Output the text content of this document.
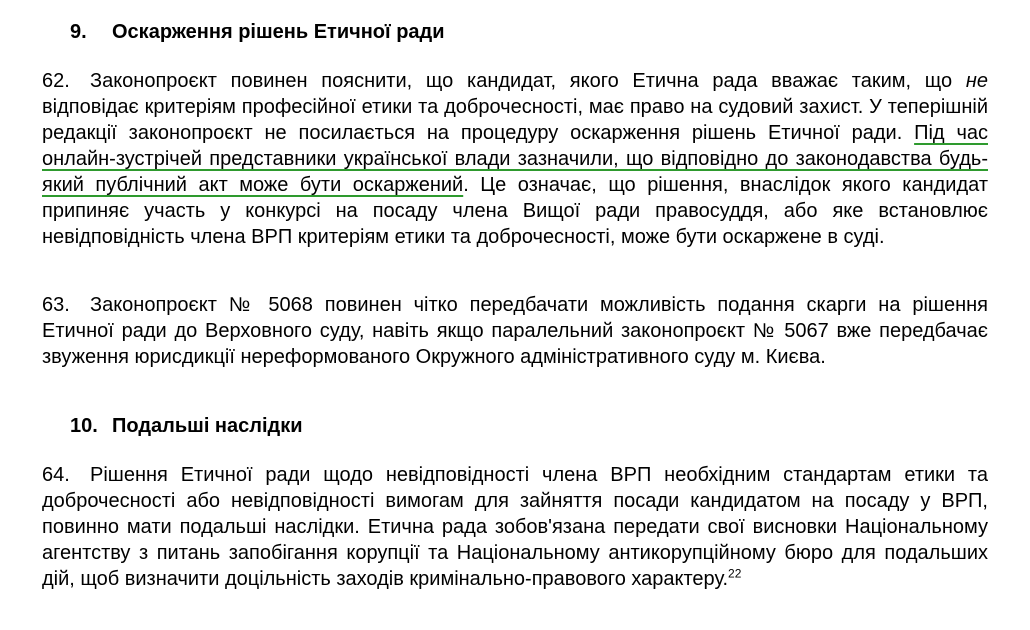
9. Оскарження рішень Етичної ради

62. Законопроєкт повинен пояснити, що кандидат, якого Етична рада вважає таким, що не відповідає критеріям професійної етики та доброчесності, має право на судовий захист. У теперішній редакції законопроєкт не посилається на процедуру оскарження рішень Етичної ради. Під час онлайн-зустрічей представники української влади зазначили, що відповідно до законодавства будь-який публічний акт може бути оскаржений. Це означає, що рішення, внаслідок якого кандидат припиняє участь у конкурсі на посаду члена Вищої ради правосуддя, або яке встановлює невідповідність члена ВРП критеріям етики та доброчесності, може бути оскаржене в суді.

63. Законопроєкт № 5068 повинен чітко передбачати можливість подання скарги на рішення Етичної ради до Верховного суду, навіть якщо паралельний законопроєкт № 5067 вже передбачає звуження юрисдикції нереформованого Окружного адміністративного суду м. Києва.

10. Подальші наслідки

64. Рішення Етичної ради щодо невідповідності члена ВРП необхідним стандартам етики та доброчесності або невідповідності вимогам для зайняття посади кандидатом на посаду у ВРП, повинно мати подальші наслідки. Етична рада зобов'язана передати свої висновки Національному агентству з питань запобігання корупції та Національному антикорупційному бюро для подальших дій, щоб визначити доцільність заходів кримінально-правового характеру.$^{22}$
